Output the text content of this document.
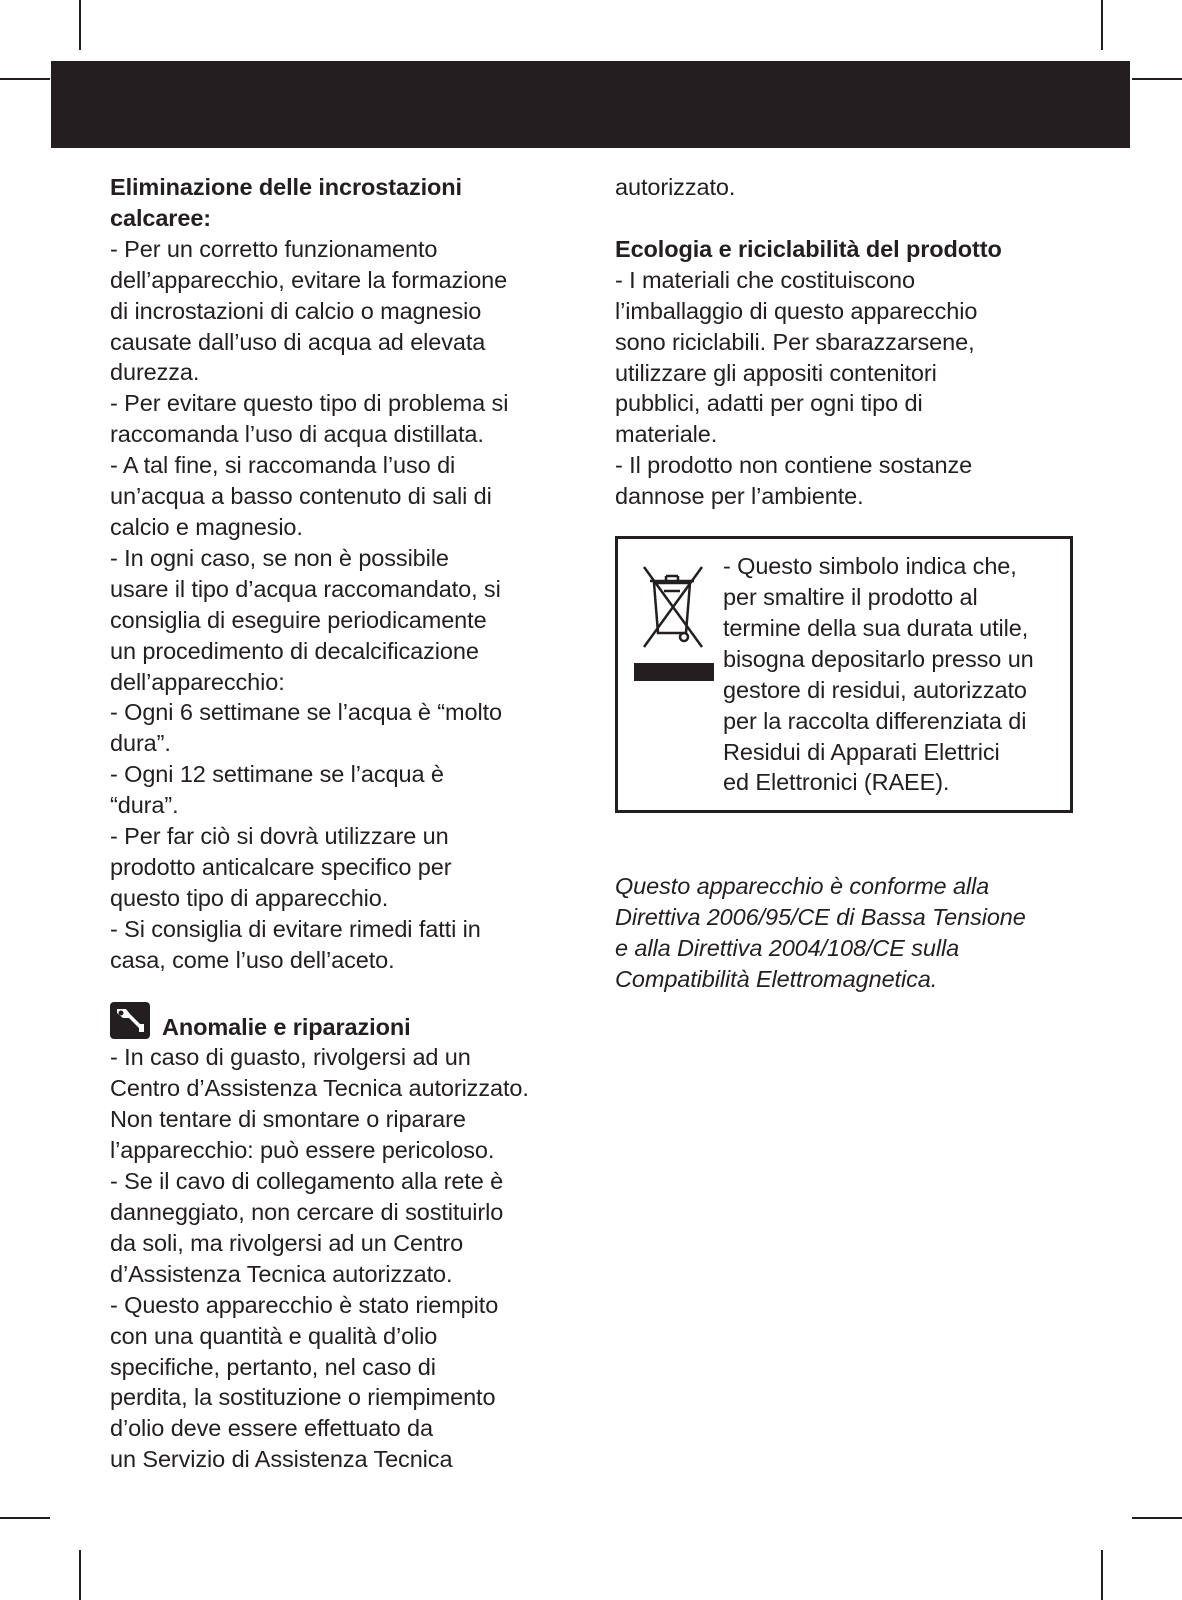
Eliminazione delle incrostazioni calcaree:

- Per un corretto funzionamento

dell’apparecchio, evitare la formazione

di incrostazioni di calcio o magnesio

causate dall’uso di acqua ad elevata

durezza.

- Per evitare questo tipo di problema si

raccomanda l’uso di acqua distillata.

- A tal fine, si raccomanda l’uso di

un’acqua a basso contenuto di sali di

calcio e magnesio.

- In ogni caso, se non è possibile

usare il tipo d’acqua raccomandato, si

consiglia di eseguire periodicamente

un procedimento di decalcificazione

dell’apparecchio:

- Ogni 6 settimane se l’acqua è “molto

dura”.

- Ogni 12 settimane se l’acqua è

“dura”.

- Per far ciò si dovrà utilizzare un

prodotto anticalcare specifico per

questo tipo di apparecchio.

- Si consiglia di evitare rimedi fatti in

casa, come l’uso dell’aceto.

Anomalie e riparazioni

- In caso di guasto, rivolgersi ad un

Centro d’Assistenza Tecnica autorizzato.

Non tentare di smontare o riparare

l’apparecchio: può essere pericoloso.

- Se il cavo di collegamento alla rete è

danneggiato, non cercare di sostituirlo

da soli, ma rivolgersi ad un Centro

d’Assistenza Tecnica autorizzato.

- Questo apparecchio è stato riempito

con una quantità e qualità d’olio

specifiche, pertanto, nel caso di

perdita, la sostituzione o riempimento

d’olio deve essere effettuato da

un Servizio di Assistenza Tecnica

autorizzato.

Ecologia e riciclabilità del prodotto

- I materiali che costituiscono

l’imballaggio di questo apparecchio

sono riciclabili. Per sbarazzarsene,

utilizzare gli appositi contenitori

pubblici, adatti per ogni tipo di

materiale.

- Il prodotto non contiene sostanze

dannose per l’ambiente.

- Questo simbolo indica che,

per smaltire il prodotto al

termine della sua durata utile,

bisogna depositarlo presso un

gestore di residui, autorizzato

per la raccolta differenziata di

Residui di Apparati Elettrici

ed Elettronici (RAEE).

Questo apparecchio è conforme alla

Direttiva 2006/95/CE di Bassa Tensione

e alla Direttiva 2004/108/CE sulla

Compatibilità Elettromagnetica.
